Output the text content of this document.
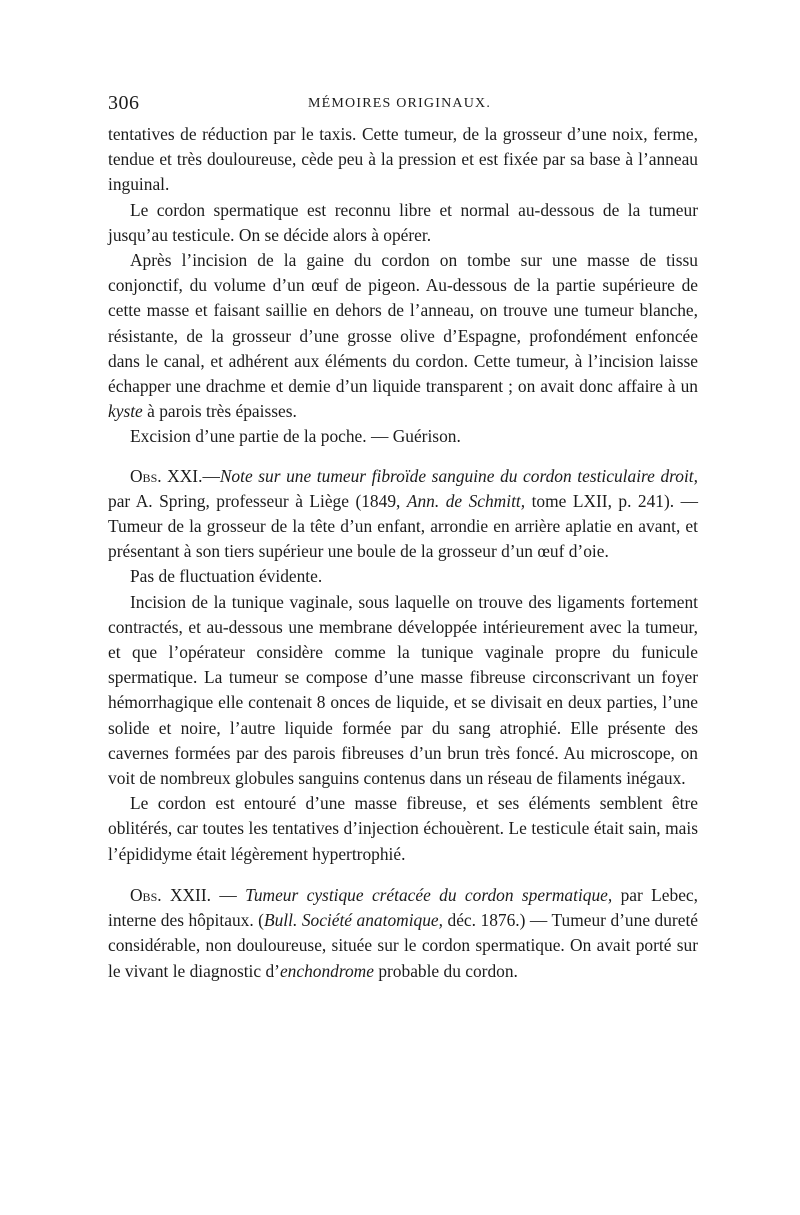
306	MÉMOIRES ORIGINAUX.

tentatives de réduction par le taxis. Cette tumeur, de la grosseur d’une noix, ferme, tendue et très douloureuse, cède peu à la pression et est fixée par sa base à l’anneau inguinal.

Le cordon spermatique est reconnu libre et normal au-dessous de la tumeur jusqu’au testicule. On se décide alors à opérer.

Après l’incision de la gaine du cordon on tombe sur une masse de tissu conjonctif, du volume d’un œuf de pigeon. Au-dessous de la partie supérieure de cette masse et faisant saillie en dehors de l’anneau, on trouve une tumeur blanche, résistante, de la grosseur d’une grosse olive d’Espagne, profondément enfoncée dans le canal, et adhérent aux éléments du cordon. Cette tumeur, à l’incision laisse échapper une drachme et demie d’un liquide transparent ; on avait donc affaire à un kyste à parois très épaisses.

Excision d’une partie de la poche. — Guérison.

Obs. XXI.—Note sur une tumeur fibroïde sanguine du cordon testiculaire droit, par A. Spring, professeur à Liège (1849, Ann. de Schmitt, tome LXII, p. 241). — Tumeur de la grosseur de la tête d’un enfant, arrondie en arrière aplatie en avant, et présentant à son tiers supérieur une boule de la grosseur d’un œuf d’oie.

Pas de fluctuation évidente.

Incision de la tunique vaginale, sous laquelle on trouve des ligaments fortement contractés, et au-dessous une membrane développée intérieurement avec la tumeur, et que l’opérateur considère comme la tunique vaginale propre du funicule spermatique. La tumeur se compose d’une masse fibreuse circonscrivant un foyer hémorrhagique elle contenait 8 onces de liquide, et se divisait en deux parties, l’une solide et noire, l’autre liquide formée par du sang atrophié. Elle présente des cavernes formées par des parois fibreuses d’un brun très foncé. Au microscope, on voit de nombreux globules sanguins contenus dans un réseau de filaments inégaux.

Le cordon est entouré d’une masse fibreuse, et ses éléments semblent être oblitérés, car toutes les tentatives d’injection échouèrent. Le testicule était sain, mais l’épididyme était légèrement hypertrophié.

Obs. XXII. — Tumeur cystique crétacée du cordon spermatique, par Lebec, interne des hôpitaux. (Bull. Société anatomique, déc. 1876.) — Tumeur d’une dureté considérable, non douloureuse, située sur le cordon spermatique. On avait porté sur le vivant le diagnostic d’enchondrome probable du cordon.
